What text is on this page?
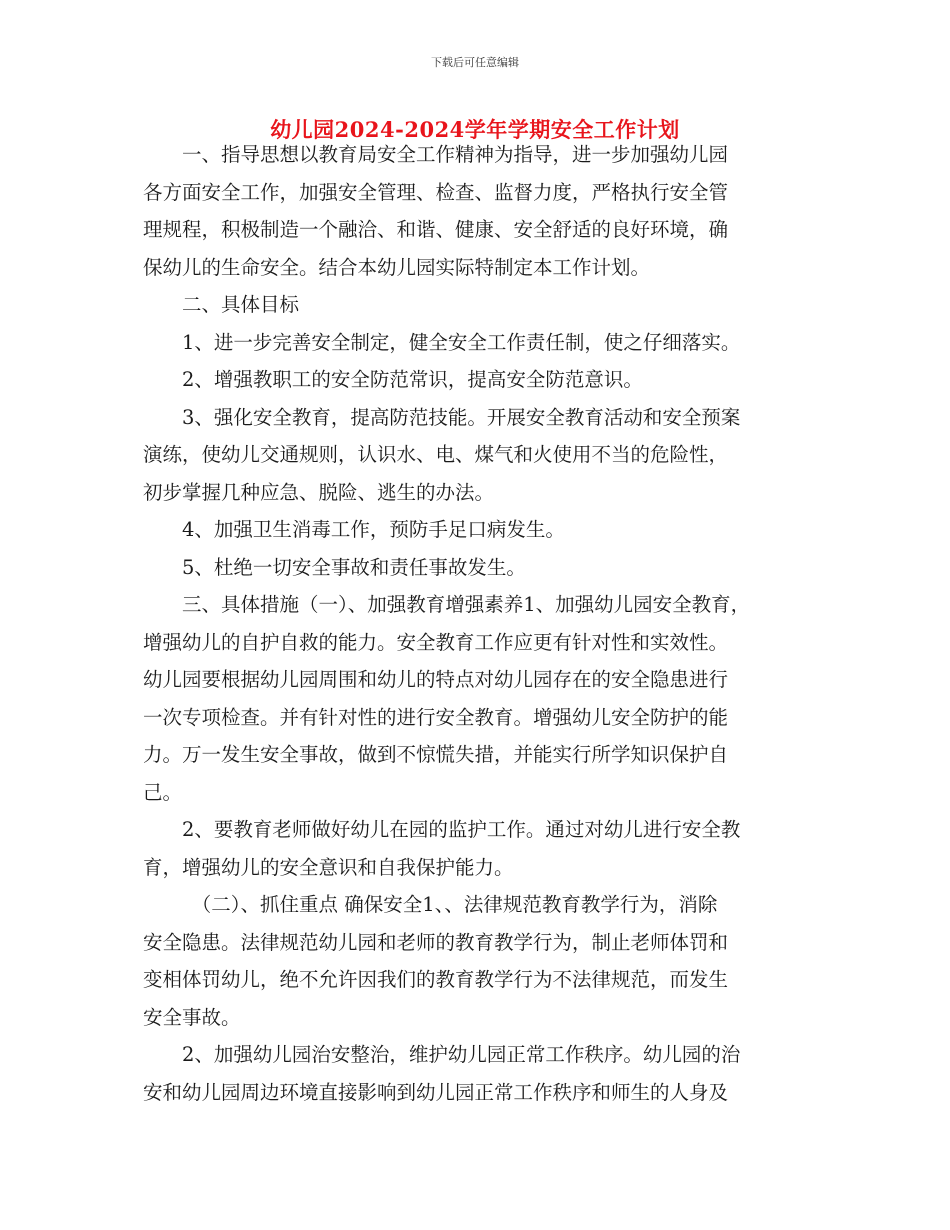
下载后可任意编辑
幼儿园2024-2024学年学期安全工作计划

一、指导思想以教育局安全工作精神为指导，进一步加强幼儿园
各方面安全工作，加强安全管理、检查、监督力度，严格执行安全管
理规程，积极制造一个融洽、和谐、健康、安全舒适的良好环境，确
保幼儿的生命安全。结合本幼儿园实际特制定本工作计划。

二、具体目标

1、进一步完善安全制定，健全安全工作责任制，使之仔细落实。

2、增强教职工的安全防范常识，提高安全防范意识。

3、强化安全教育，提高防范技能。开展安全教育活动和安全预案
演练，使幼儿交通规则，认识水、电、煤气和火使用不当的危险性，
初步掌握几种应急、脱险、逃生的办法。

4、加强卫生消毒工作，预防手足口病发生。

5、杜绝一切安全事故和责任事故发生。

三、具体措施（一）、加强教育增强素养1、加强幼儿园安全教育，
增强幼儿的自护自救的能力。安全教育工作应更有针对性和实效性。
幼儿园要根据幼儿园周围和幼儿的特点对幼儿园存在的安全隐患进行
一次专项检查。并有针对性的进行安全教育。增强幼儿安全防护的能
力。万一发生安全事故，做到不惊慌失措，并能实行所学知识保护自
己。

2、要教育老师做好幼儿在园的监护工作。通过对幼儿进行安全教
育，增强幼儿的安全意识和自我保护能力。

（二）、抓住重点 确保安全1、、法律规范教育教学行为，消除
安全隐患。法律规范幼儿园和老师的教育教学行为，制止老师体罚和
变相体罚幼儿，绝不允许因我们的教育教学行为不法律规范，而发生
安全事故。

2、加强幼儿园治安整治，维护幼儿园正常工作秩序。幼儿园的治
安和幼儿园周边环境直接影响到幼儿园正常工作秩序和师生的人身及
